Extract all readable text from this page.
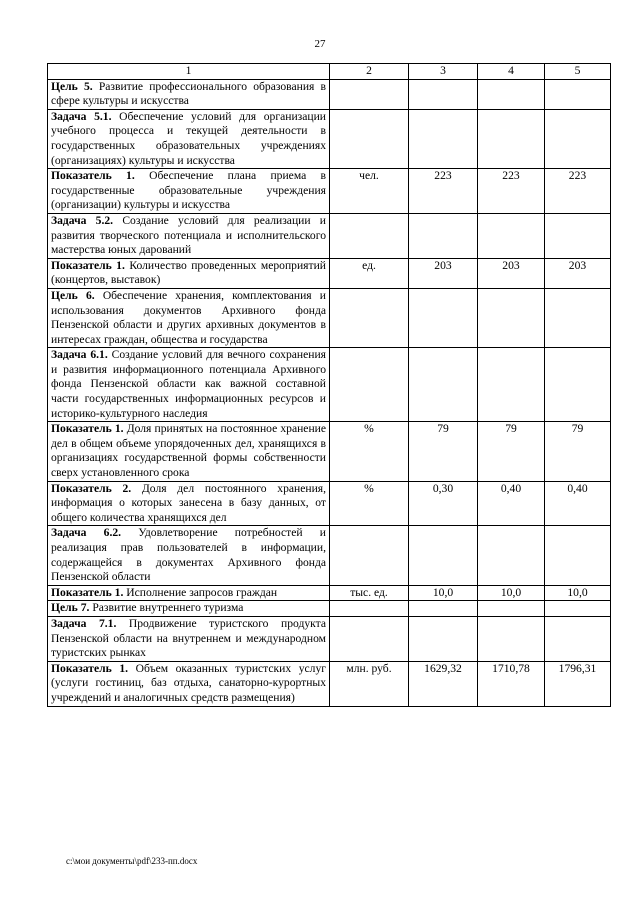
27
1	2	3	4	5
Цель 5. Развитие профессионального образования в сфере культуры и искусства				
Задача 5.1. Обеспечение условий для организации учебного процесса и текущей деятельности в государственных образовательных учреждениях (организациях) культуры и искусства				
Показатель 1. Обеспечение плана приема в государственные образовательные учреждения (организации) культуры и искусства	чел.	223	223	223
Задача 5.2. Создание условий для реализации и развития творческого потенциала и исполнительского мастерства юных дарований				
Показатель 1. Количество проведенных мероприятий (концертов, выставок)	ед.	203	203	203
Цель 6. Обеспечение хранения, комплектования и использования документов Архивного фонда Пензенской области и других архивных документов в интересах граждан, общества и государства				
Задача 6.1. Создание условий для вечного сохранения и развития информационного потенциала Архивного фонда Пензенской области как важной составной части государственных информационных ресурсов и историко-культурного наследия				
Показатель 1. Доля принятых на постоянное хранение дел в общем объеме упорядоченных дел, хранящихся в организациях государственной формы собственности сверх установленного срока	%	79	79	79
Показатель 2. Доля дел постоянного хранения, информация о которых занесена в базу данных, от общего количества хранящихся дел	%	0,30	0,40	0,40
Задача 6.2. Удовлетворение потребностей и реализация прав пользователей в информации, содержащейся в документах Архивного фонда Пензенской области				
Показатель 1. Исполнение запросов граждан	тыс. ед.	10,0	10,0	10,0
Цель 7. Развитие внутреннего туризма				
Задача 7.1. Продвижение туристского продукта Пензенской области на внутреннем и международном туристских рынках				
Показатель 1. Объем оказанных туристских услуг (услуги гостиниц, баз отдыха, санаторно-курортных учреждений и аналогичных средств размещения)	млн. руб.	1629,32	1710,78	1796,31
c:\мои документы\pdf\233-пп.docx
